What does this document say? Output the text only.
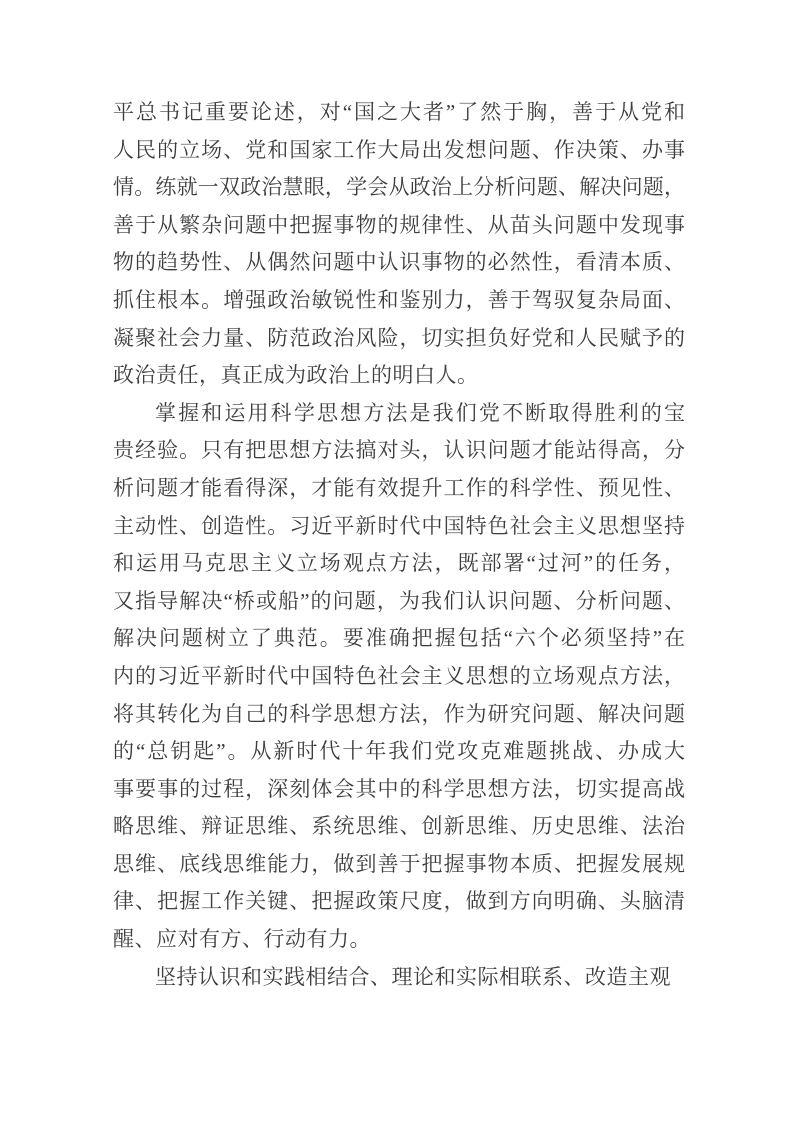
平总书记重要论述，对“国之大者”了然于胸，善于从党和
人民的立场、党和国家工作大局出发想问题、作决策、办事
情。练就一双政治慧眼，学会从政治上分析问题、解决问题，
善于从繁杂问题中把握事物的规律性、从苗头问题中发现事
物的趋势性、从偶然问题中认识事物的必然性，看清本质、
抓住根本。增强政治敏锐性和鉴别力，善于驾驭复杂局面、
凝聚社会力量、防范政治风险，切实担负好党和人民赋予的
政治责任，真正成为政治上的明白人。
掌握和运用科学思想方法是我们党不断取得胜利的宝
贵经验。只有把思想方法搞对头，认识问题才能站得高，分
析问题才能看得深，才能有效提升工作的科学性、预见性、
主动性、创造性。习近平新时代中国特色社会主义思想坚持
和运用马克思主义立场观点方法，既部署“过河”的任务，
又指导解决“桥或船”的问题，为我们认识问题、分析问题、
解决问题树立了典范。要准确把握包括“六个必须坚持”在
内的习近平新时代中国特色社会主义思想的立场观点方法，
将其转化为自己的科学思想方法，作为研究问题、解决问题
的“总钥匙”。从新时代十年我们党攻克难题挑战、办成大
事要事的过程，深刻体会其中的科学思想方法，切实提高战
略思维、辩证思维、系统思维、创新思维、历史思维、法治
思维、底线思维能力，做到善于把握事物本质、把握发展规
律、把握工作关键、把握政策尺度，做到方向明确、头脑清
醒、应对有方、行动有力。
坚持认识和实践相结合、理论和实际相联系、改造主观
